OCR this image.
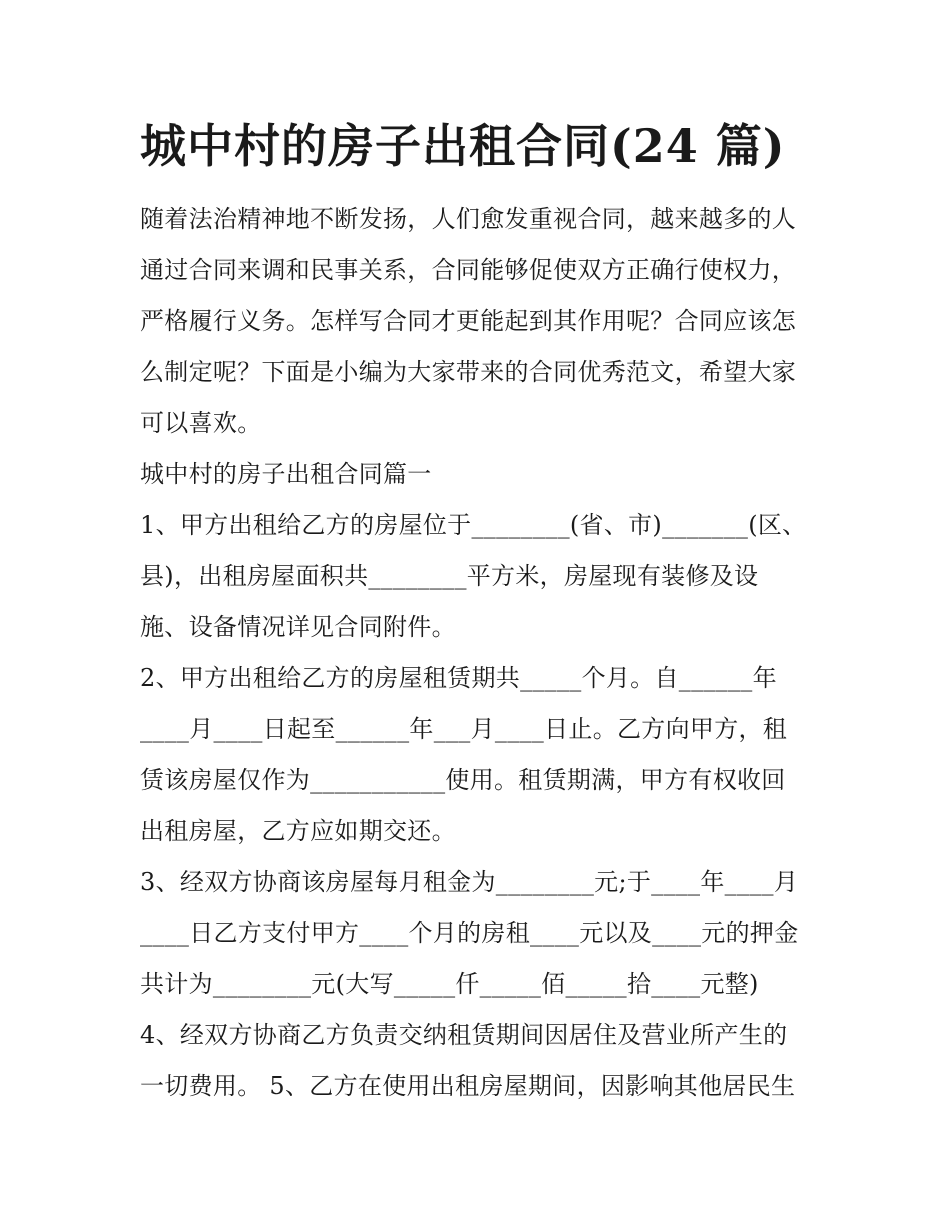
城中村的房子出租合同(24 篇)
随着法治精神地不断发扬，人们愈发重视合同，越来越多的人
通过合同来调和民事关系，合同能够促使双方正确行使权力，
严格履行义务。怎样写合同才更能起到其作用呢？合同应该怎
么制定呢？下面是小编为大家带来的合同优秀范文，希望大家
可以喜欢。
城中村的房子出租合同篇一
1、甲方出租给乙方的房屋位于________(省、市)_______(区、
县)，出租房屋面积共________平方米，房屋现有装修及设
施、设备情况详见合同附件。
2、甲方出租给乙方的房屋租赁期共_____个月。自______年
____月____日起至______年___月____日止。乙方向甲方，租
赁该房屋仅作为___________使用。租赁期满，甲方有权收回
出租房屋，乙方应如期交还。
3、经双方协商该房屋每月租金为________元;于____年____月
____日乙方支付甲方____个月的房租____元以及____元的押金
共计为________元(大写_____仟_____佰_____拾____元整)
4、经双方协商乙方负责交纳租赁期间因居住及营业所产生的
一切费用。 5、乙方在使用出租房屋期间，因影响其他居民生
